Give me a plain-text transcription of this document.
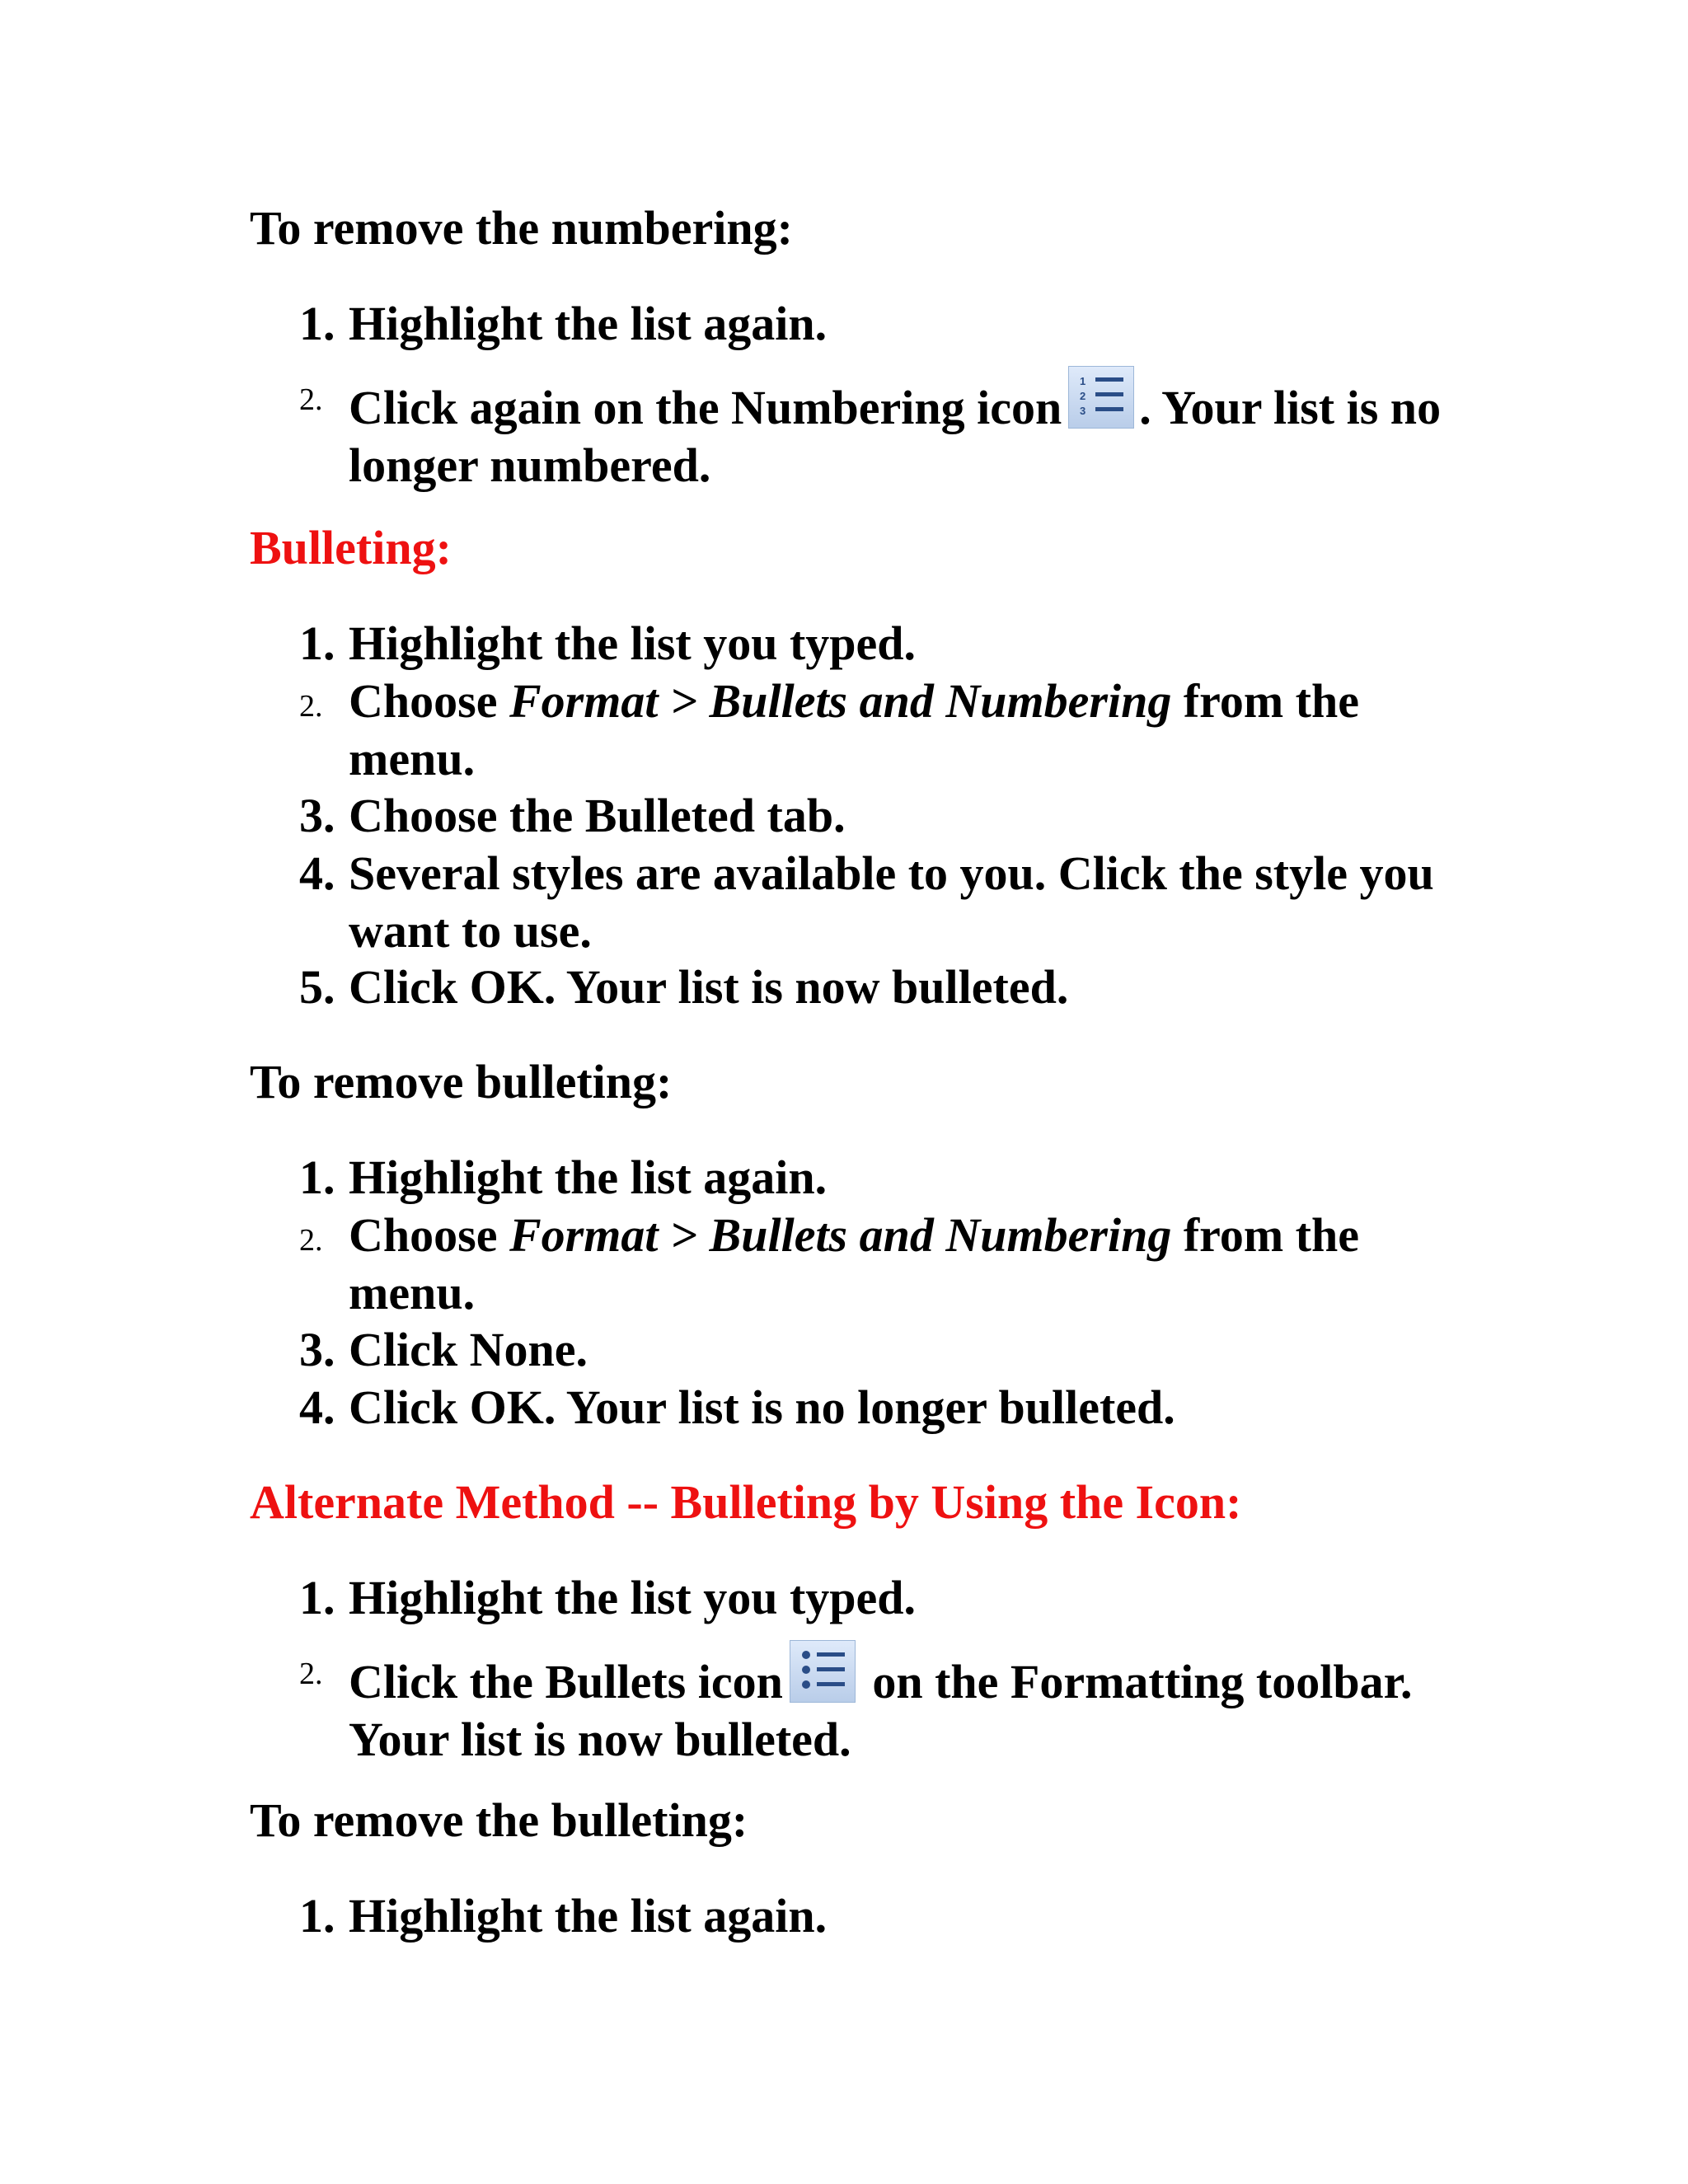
To remove the numbering:
1. Highlight the list again.
2. Click again on the Numbering icon 1
2
3 . Your list is no longer numbered.
Bulleting:
1. Highlight the list you typed.
2. Choose Format > Bullets and Numbering from the menu.
3. Choose the Bulleted tab.
4. Several styles are available to you. Click the style you want to use.
5. Click OK. Your list is now bulleted.
To remove bulleting:
1. Highlight the list again.
2. Choose Format > Bullets and Numbering from the menu.
3. Click None.
4. Click OK. Your list is no longer bulleted.
Alternate Method -- Bulleting by Using the Icon:
1. Highlight the list you typed.
2. Click the Bullets icon
on the Formatting toolbar. Your list is now bulleted.
To remove the bulleting:
1. Highlight the list again.
